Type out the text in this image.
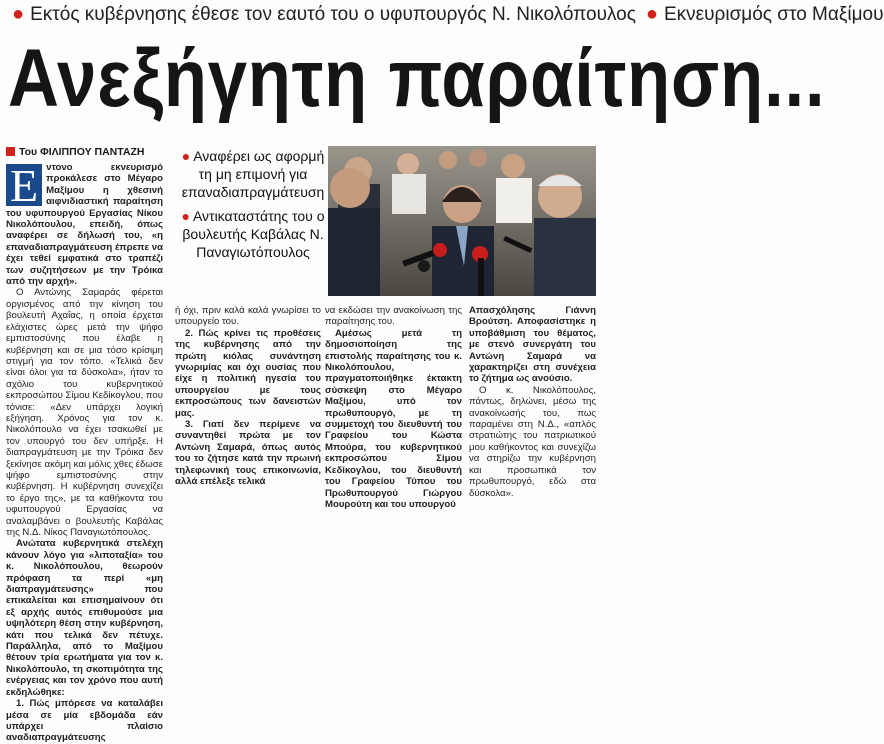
● Εκτός κυβέρνησης έθεσε τον εαυτό του ο υφυπουργός Ν. Νικολόπουλος ● Εκνευρισμός στο Μαξίμου
Ανεξήγητη παραίτηση...
Του ΦΙΛΙΠΠΟΥ ΠΑΝΤΑΖΗ

Ε ντονο εκνευρισμό προκάλεσε στο Μέγαρο Μαξίμου η χθεσινή αιφνιδιαστική παραίτηση του υφυπουργού Εργασίας Νίκου Νικολόπουλου, επειδή, όπως αναφέρει σε δήλωσή του, «η επαναδιαπραγμάτευση έπρεπε να έχει τεθεί εμφατικά στο τραπέζι των συζητήσεων με την Τρόικα από την αρχή».

Ο Αντώνης Σαμαράς φέρεται οργισμένος από την κίνηση του βουλευτή Αχαΐας, η οποία έρχεται ελάχιστες ώρες μετά την ψήφο εμπιστοσύνης που έλαβε η κυβέρνηση και σε μια τόσο κρίσιμη στιγμή για τον τόπο. «Τελικά δεν είναι όλοι για τα δύσκολα», ήταν το σχόλιο του κυβερνητικού εκπροσώπου Σίμου Κεδίκογλου, που τόνισε: «Δεν υπάρχει λογική εξήγηση. Χρόνος για τον κ. Νικολόπουλο να έχει τσακωθεί με τον υπουργό του δεν υπήρξε. Η διαπραγμάτευση με την Τρόικα δεν ξεκίνησε ακόμη και μόλις χθες έδωσε ψήφο εμπιστοσύνης στην κυβέρνηση. Η κυβέρνηση συνεχίζει το έργο της», με τα καθήκοντα του υφυπουργού Εργασίας να αναλαμβάνει ο βουλευτής Καβάλας της Ν.Δ. Νίκος Παναγιωτόπουλος.

Ανώτατα κυβερνητικά στελέχη κάνουν λόγο για «λιποταξία» του κ. Νικολόπουλου, θεωρούν πρόφαση τα περί «μη διαπραγμάτευσης» που επικαλείται και επισημαίνουν ότι εξ αρχής αυτός επιθυμούσε μια υψηλότερη θέση στην κυβέρνηση, κάτι που τελικά δεν πέτυχε. Παράλληλα, από το Μαξίμου θέτουν τρία ερωτήματα για τον κ. Νικολόπουλο, τη σκοπιμότητα της ενέργειας και τον χρόνο που αυτή εκδηλώθηκε:

1. Πώς μπόρεσε να καταλάβει μέσα σε μία εβδομάδα εάν υπάρχει πλαίσιο αναδιαπραγμάτευσης

● Αναφέρει ως αφορμή τη μη επιμονή για επαναδιαπραγμάτευση
● Αντικαταστάτης του ο βουλευτής Καβάλας Ν. Παναγιωτόπουλος

ή όχι, πριν καλά καλά γνωρίσει το υπουργείο του.

2. Πώς κρίνει τις προθέσεις της κυβέρνησης από την πρώτη κιόλας συνάντηση γνωριμίας και όχι ουσίας που είχε η πολιτική ηγεσία του υπουργείου με τους εκπροσώπους των δανειστών μας.

3. Γιατί δεν περίμενε να συναντηθεί πρώτα με τον Αντώνη Σαμαρά, όπως αυτός του το ζήτησε κατά την πρωινή τηλεφωνική τους επικοινωνία, αλλά επέλεξε τελικά

να εκδώσει την ανακοίνωση της παραίτησης του.

Αμέσως μετά τη δημοσιοποίηση της επιστολής παραίτησης του κ. Νικολόπουλου, πραγματοποιήθηκε έκτακτη σύσκεψη στο Μέγαρο Μαξίμου, υπό τον πρωθυπουργό, με τη συμμετοχή του διευθυντή του Γραφείου του Κώστα Μπούρα, του κυβερνητικού εκπροσώπου Σίμου Κεδίκογλου, του διευθυντή του Γραφείου Τύπου του Πρωθυπουργού Γιώργου Μουρούτη και του υπουργού

Απασχόλησης Γιάννη Βρούτση. Αποφασίστηκε η υποβάθμιση του θέματος, με στενό συνεργάτη του Αντώνη Σαμαρά να χαρακτηρίζει στη συνέχεια το ζήτημα ως ανούσιο.

Ο κ. Νικολόπουλος, πάντως, δηλώνει, μέσω της ανακοίνωσής του, πως παραμένει στη Ν.Δ., «απλός στρατιώτης του πατριωτικού μου καθήκοντος και συνεχίζω να στηρίζω την κυβέρνηση και προσωπικά τον πρωθυπουργό, εδώ στα δύσκολα».
